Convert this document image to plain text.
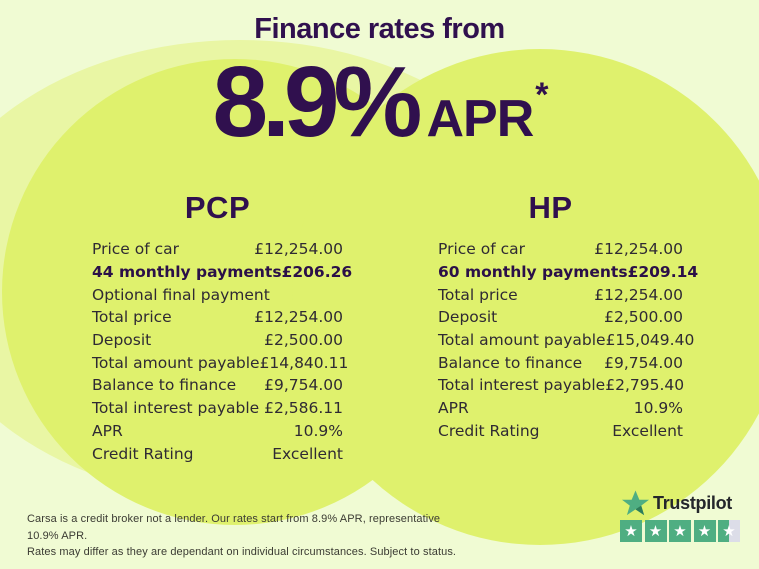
Finance rates from
8.9% APR *
PCP	HP
Price of car	£12,254.00
44 monthly payments £206.26
Optional final payment
Total price	£12,254.00
Deposit	£2,500.00
Total amount payable £14,840.11
Balance to finance £9,754.00
Total interest payable £2,586.11
APR	10.9%
Credit Rating	Excellent
Price of car	£12,254.00
60 monthly payments £209.14
Total price	£12,254.00
Deposit	£2,500.00
Total amount payable £15,049.40
Balance to finance £9,754.00
Total interest payable £2,795.40
APR	10.9%
Credit Rating	Excellent
Carsa is a credit broker not a lender. Our rates start from 8.9% APR, representative 10.9% APR.
Rates may differ as they are dependant on individual circumstances. Subject to status.
Trustpilot
★ ★ ★ ★ ★
